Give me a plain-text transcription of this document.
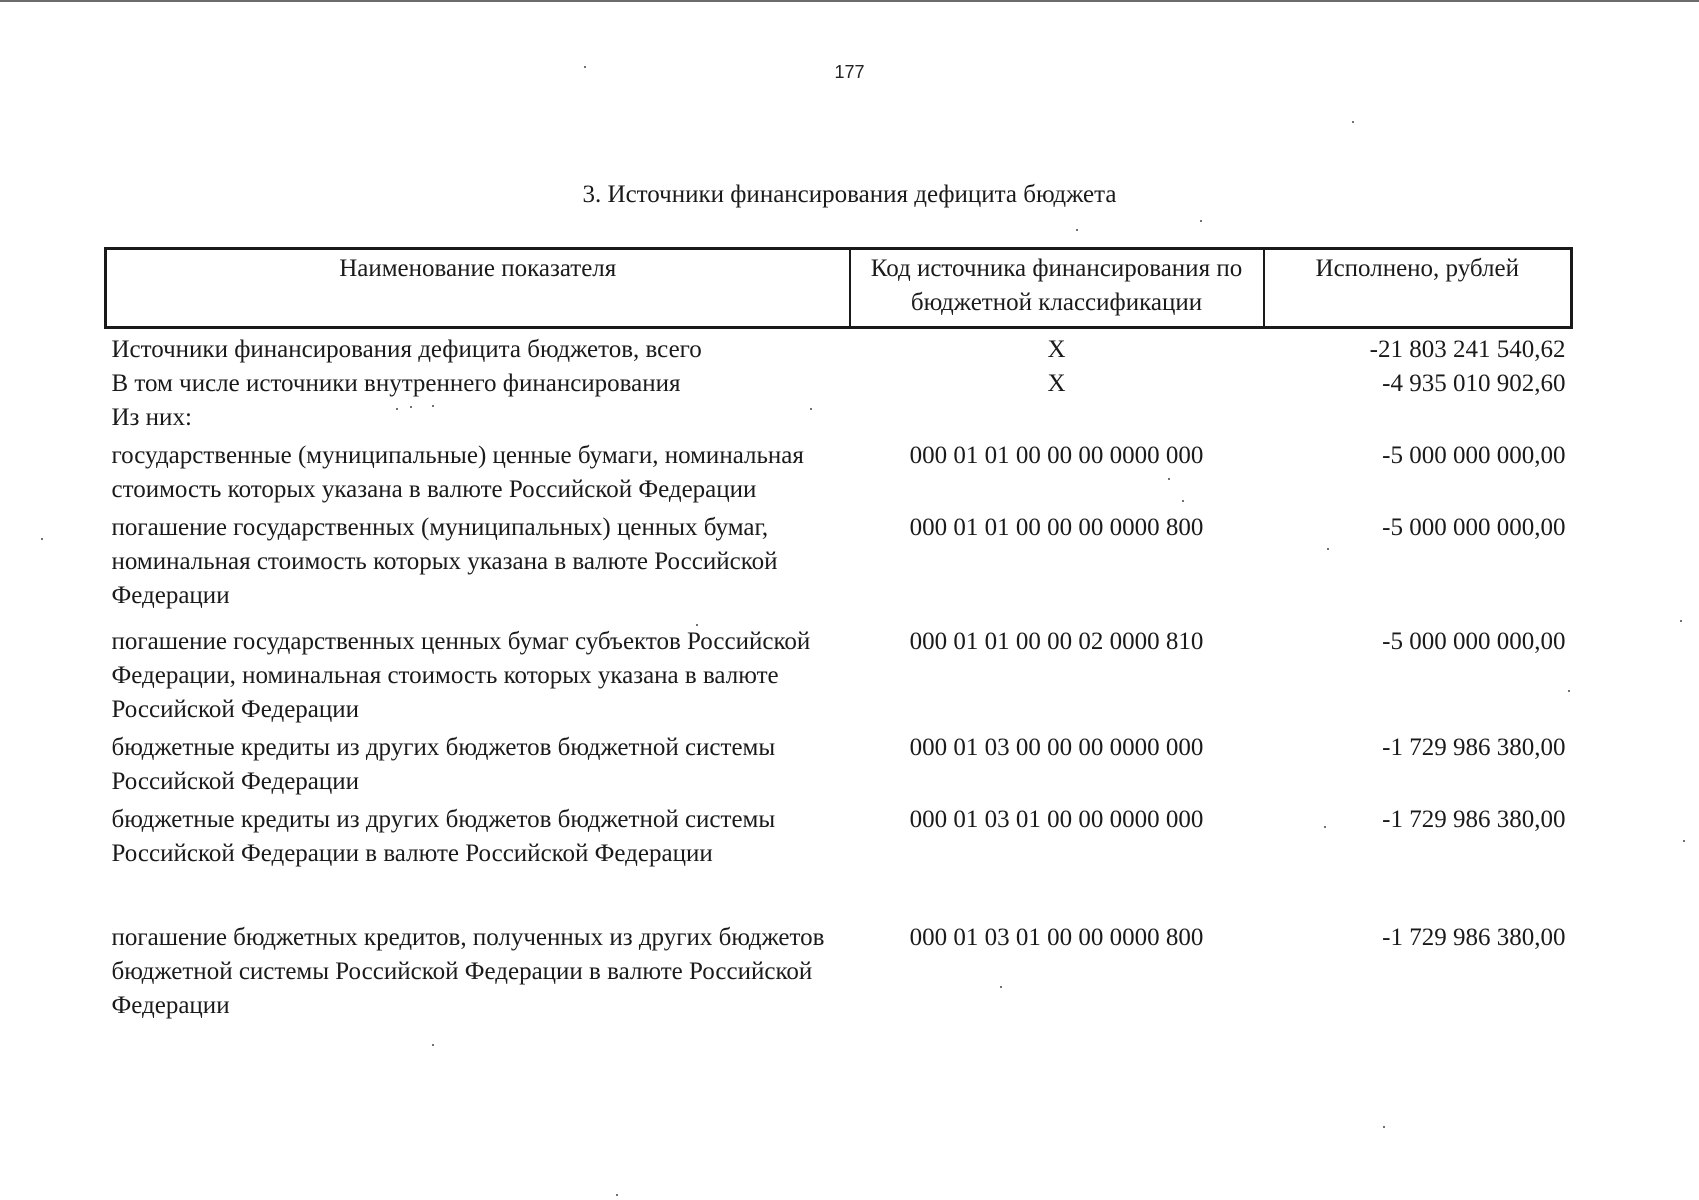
177
3. Источники финансирования дефицита бюджета
Наименование показателя	Код источника финансирования по бюджетной классификации	Исполнено, рублей
Источники финансирования дефицита бюджетов, всего	X	-21 803 241 540,62
В том числе источники внутреннего финансирования	X	-4 935 010 902,60
Из них:		
государственные (муниципальные) ценные бумаги, номинальная стоимость которых указана в валюте Российской Федерации	000 01 01 00 00 00 0000 000	-5 000 000 000,00
погашение государственных (муниципальных) ценных бумаг, номинальная стоимость которых указана в валюте Российской Федерации	000 01 01 00 00 00 0000 800	-5 000 000 000,00
погашение государственных ценных бумаг субъектов Российской Федерации, номинальная стоимость которых указана в валюте Российской Федерации	000 01 01 00 00 02 0000 810	-5 000 000 000,00
бюджетные кредиты из других бюджетов бюджетной системы Российской Федерации	000 01 03 00 00 00 0000 000	-1 729 986 380,00
бюджетные кредиты из других бюджетов бюджетной системы Российской Федерации в валюте Российской Федерации	000 01 03 01 00 00 0000 000	-1 729 986 380,00
погашение бюджетных кредитов, полученных из других бюджетов бюджетной системы Российской Федерации в валюте Российской Федерации	000 01 03 01 00 00 0000 800	-1 729 986 380,00
